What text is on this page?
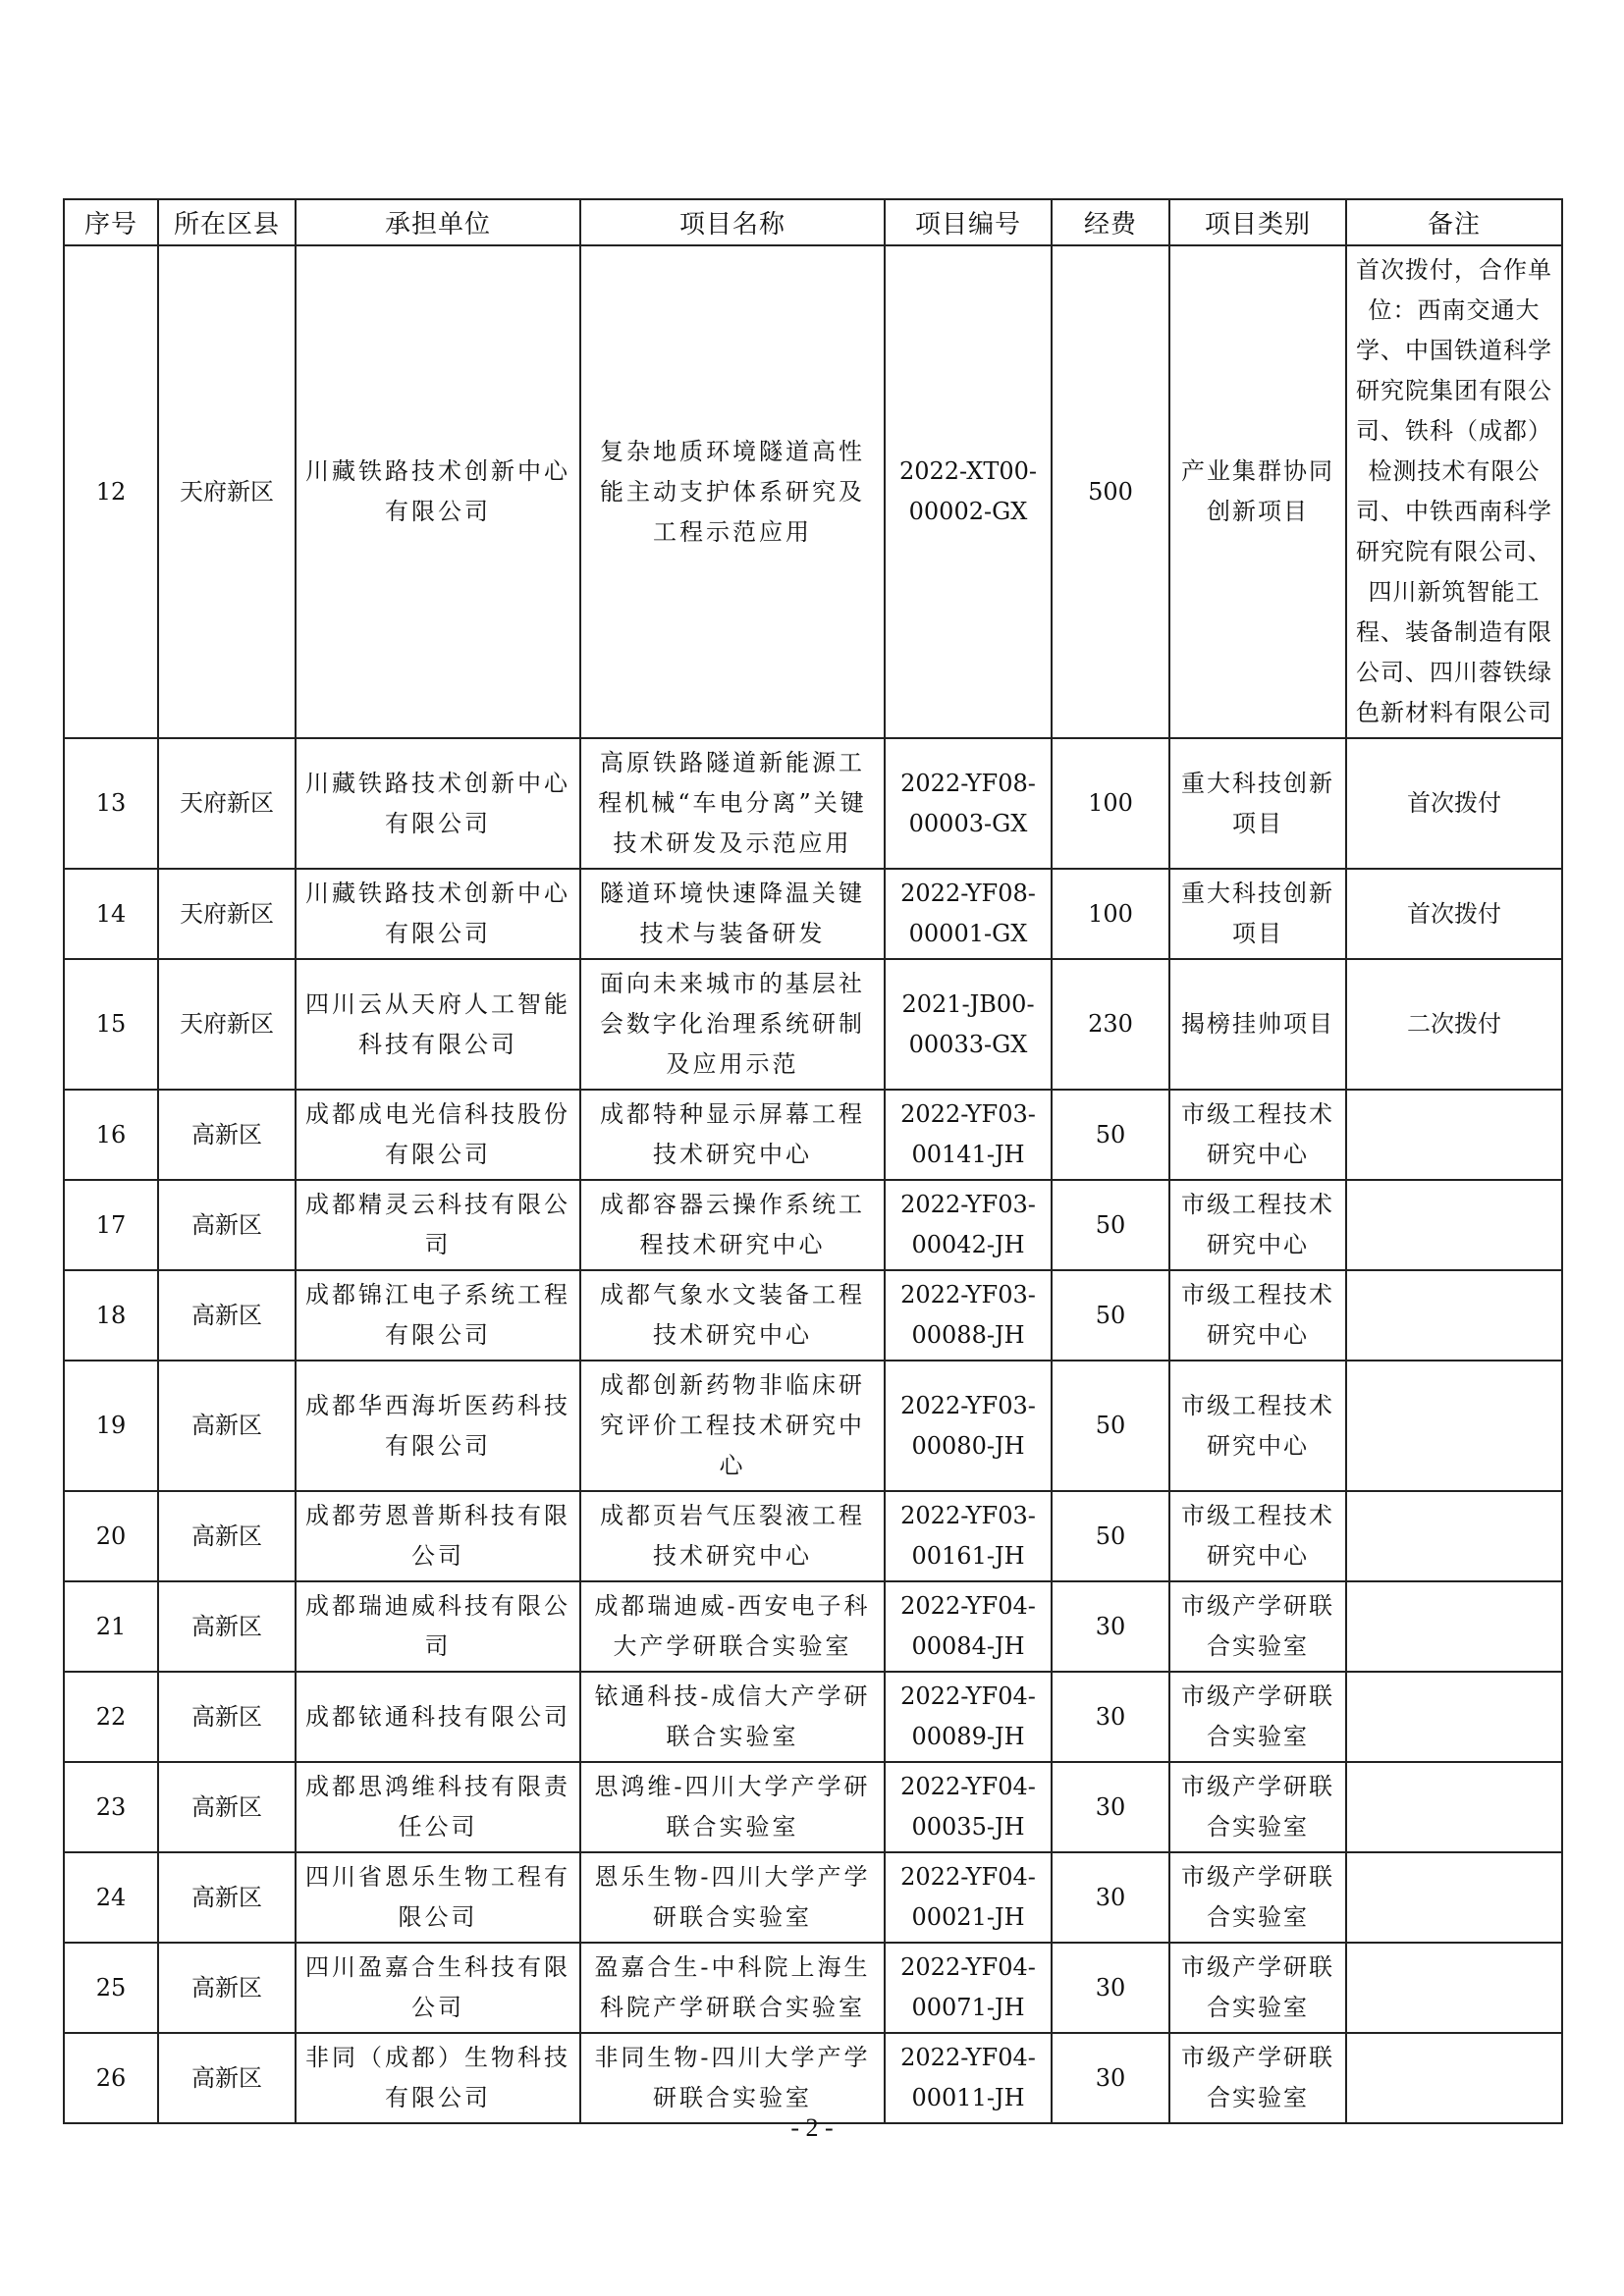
序号	所在区县	承担单位	项目名称	项目编号	经费	项目类别	备注
12	天府新区	川藏铁路技术创新中心有限公司	复杂地质环境隧道高性能主动支护体系研究及工程示范应用	2022-XT00-00002-GX	500	产业集群协同创新项目	首次拨付，合作单位：西南交通大学、中国铁道科学研究院集团有限公司、铁科（成都）检测技术有限公司、中铁西南科学研究院有限公司、四川新筑智能工程、装备制造有限公司、四川蓉铁绿色新材料有限公司
13	天府新区	川藏铁路技术创新中心有限公司	高原铁路隧道新能源工程机械“车电分离”关键技术研发及示范应用	2022-YF08-00003-GX	100	重大科技创新项目	首次拨付
14	天府新区	川藏铁路技术创新中心有限公司	隧道环境快速降温关键技术与装备研发	2022-YF08-00001-GX	100	重大科技创新项目	首次拨付
15	天府新区	四川云从天府人工智能科技有限公司	面向未来城市的基层社会数字化治理系统研制及应用示范	2021-JB00-00033-GX	230	揭榜挂帅项目	二次拨付
16	高新区	成都成电光信科技股份有限公司	成都特种显示屏幕工程技术研究中心	2022-YF03-00141-JH	50	市级工程技术研究中心	
17	高新区	成都精灵云科技有限公司	成都容器云操作系统工程技术研究中心	2022-YF03-00042-JH	50	市级工程技术研究中心	
18	高新区	成都锦江电子系统工程有限公司	成都气象水文装备工程技术研究中心	2022-YF03-00088-JH	50	市级工程技术研究中心	
19	高新区	成都华西海圻医药科技有限公司	成都创新药物非临床研究评价工程技术研究中心	2022-YF03-00080-JH	50	市级工程技术研究中心	
20	高新区	成都劳恩普斯科技有限公司	成都页岩气压裂液工程技术研究中心	2022-YF03-00161-JH	50	市级工程技术研究中心	
21	高新区	成都瑞迪威科技有限公司	成都瑞迪威-西安电子科大产学研联合实验室	2022-YF04-00084-JH	30	市级产学研联合实验室	
22	高新区	成都铱通科技有限公司	铱通科技-成信大产学研联合实验室	2022-YF04-00089-JH	30	市级产学研联合实验室	
23	高新区	成都思鸿维科技有限责任公司	思鸿维-四川大学产学研联合实验室	2022-YF04-00035-JH	30	市级产学研联合实验室	
24	高新区	四川省恩乐生物工程有限公司	恩乐生物-四川大学产学研联合实验室	2022-YF04-00021-JH	30	市级产学研联合实验室	
25	高新区	四川盈嘉合生科技有限公司	盈嘉合生-中科院上海生科院产学研联合实验室	2022-YF04-00071-JH	30	市级产学研联合实验室	
26	高新区	非同（成都）生物科技有限公司	非同生物-四川大学产学研联合实验室	2022-YF04-00011-JH	30	市级产学研联合实验室	
- 2 -
